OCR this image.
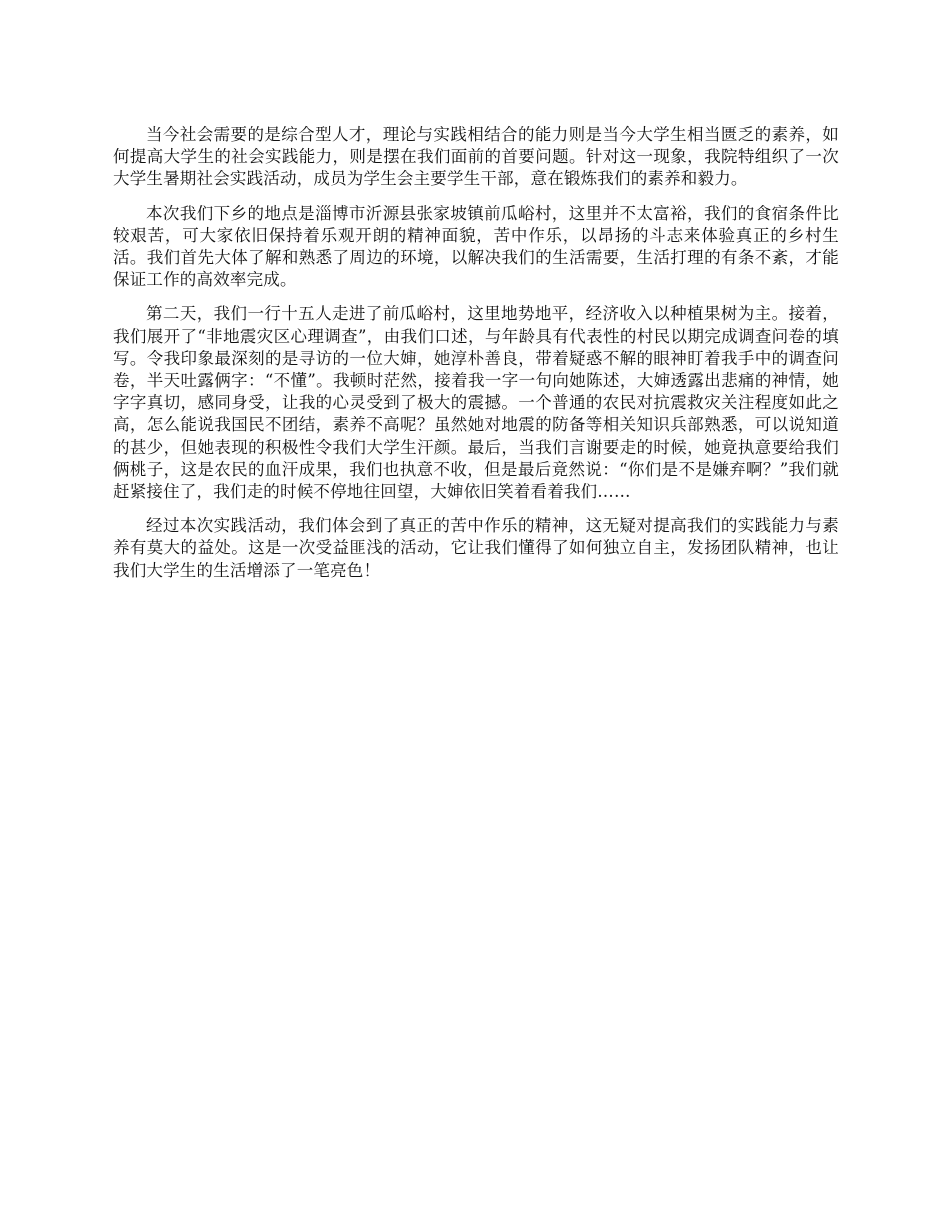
当今社会需要的是综合型人才，理论与实践相结合的能力则是当今大学生相当匮乏的素养，如何提高大学生的社会实践能力，则是摆在我们面前的首要问题。针对这一现象，我院特组织了一次大学生暑期社会实践活动，成员为学生会主要学生干部，意在锻炼我们的素养和毅力。

本次我们下乡的地点是淄博市沂源县张家坡镇前瓜峪村，这里并不太富裕，我们的食宿条件比较艰苦，可大家依旧保持着乐观开朗的精神面貌，苦中作乐，以昂扬的斗志来体验真正的乡村生活。我们首先大体了解和熟悉了周边的环境，以解决我们的生活需要，生活打理的有条不紊，才能保证工作的高效率完成。

第二天，我们一行十五人走进了前瓜峪村，这里地势地平，经济收入以种植果树为主。接着，我们展开了“非地震灾区心理调查”，由我们口述，与年龄具有代表性的村民以期完成调查问卷的填写。令我印象最深刻的是寻访的一位大婶，她淳朴善良，带着疑惑不解的眼神盯着我手中的调查问卷，半天吐露俩字：“不懂”。我顿时茫然，接着我一字一句向她陈述，大婶透露出悲痛的神情，她字字真切，感同身受，让我的心灵受到了极大的震撼。一个普通的农民对抗震救灾关注程度如此之高，怎么能说我国民不团结，素养不高呢？虽然她对地震的防备等相关知识兵部熟悉，可以说知道的甚少，但她表现的积极性令我们大学生汗颜。最后，当我们言谢要走的时候，她竟执意要给我们俩桃子，这是农民的血汗成果，我们也执意不收，但是最后竟然说：“你们是不是嫌弃啊？”我们就赶紧接住了，我们走的时候不停地往回望，大婶依旧笑着看着我们……

经过本次实践活动，我们体会到了真正的苦中作乐的精神，这无疑对提高我们的实践能力与素养有莫大的益处。这是一次受益匪浅的活动，它让我们懂得了如何独立自主，发扬团队精神，也让我们大学生的生活增添了一笔亮色！
